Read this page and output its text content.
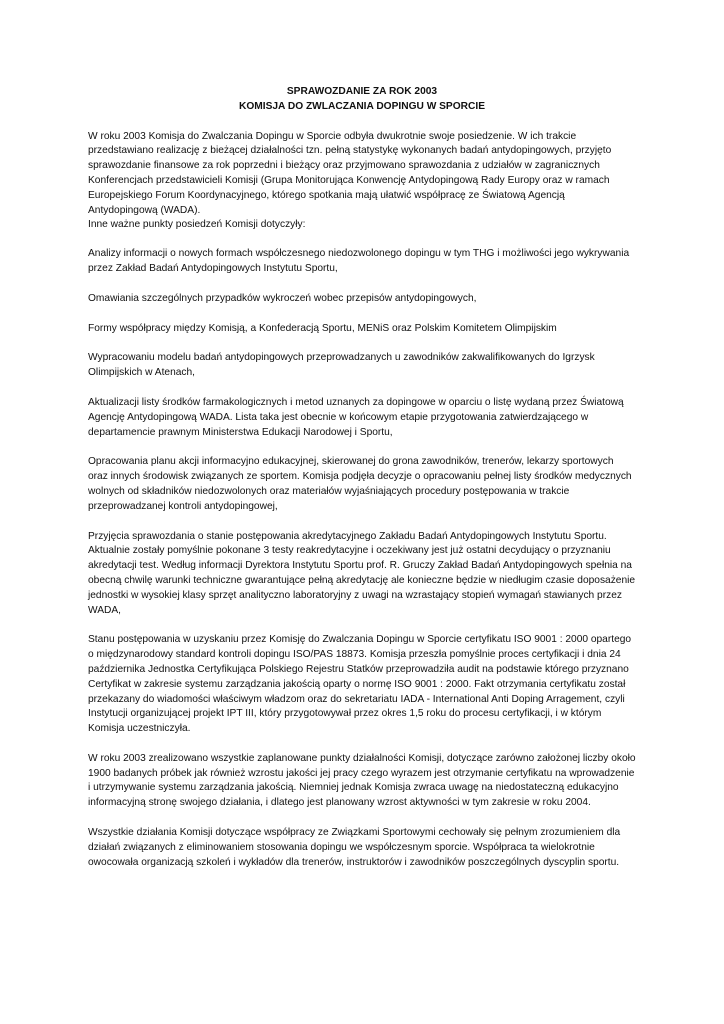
SPRAWOZDANIE ZA ROK 2003

KOMISJA DO ZWLACZANIA DOPINGU W SPORCIE

W roku 2003 Komisja do Zwalczania Dopingu w Sporcie odbyła dwukrotnie swoje posiedzenie. W ich trakcie przedstawiano realizację z bieżącej działalności tzn. pełną statystykę wykonanych badań antydopingowych, przyjęto sprawozdanie finansowe za rok poprzedni i bieżący oraz przyjmowano sprawozdania z udziałów w zagranicznych Konferencjach przedstawicieli Komisji (Grupa Monitorująca Konwencję Antydopingową Rady Europy oraz w ramach Europejskiego Forum Koordynacyjnego, którego spotkania mają ułatwić współpracę ze Światową Agencją Antydopingową (WADA).

Inne ważne punkty posiedzeń Komisji dotyczyły:

Analizy informacji o nowych formach współczesnego niedozwolonego dopingu w tym THG i możliwości jego wykrywania przez Zakład Badań Antydopingowych Instytutu Sportu,

Omawiania szczególnych przypadków wykroczeń wobec przepisów antydopingowych,

Formy współpracy między Komisją, a Konfederacją Sportu, MENiS oraz Polskim Komitetem Olimpijskim

Wypracowaniu modelu badań antydopingowych przeprowadzanych u zawodników zakwalifikowanych do Igrzysk Olimpijskich w Atenach,

Aktualizacji listy środków farmakologicznych i metod uznanych za dopingowe w oparciu o listę wydaną przez Światową Agencję Antydopingową WADA. Lista taka jest obecnie w końcowym etapie przygotowania zatwierdzającego w departamencie prawnym Ministerstwa Edukacji Narodowej i Sportu,

Opracowania planu akcji informacyjno edukacyjnej, skierowanej do grona zawodników, trenerów, lekarzy sportowych oraz innych środowisk związanych ze sportem. Komisja podjęła decyzje o opracowaniu pełnej listy środków medycznych wolnych od składników niedozwolonych oraz materiałów wyjaśniających procedury postępowania w trakcie przeprowadzanej kontroli antydopingowej,

Przyjęcia sprawozdania o stanie postępowania akredytacyjnego Zakładu Badań Antydopingowych Instytutu Sportu. Aktualnie zostały pomyślnie pokonane 3 testy reakredytacyjne i oczekiwany jest już ostatni decydujący o przyznaniu akredytacji test. Według informacji Dyrektora Instytutu Sportu prof. R. Gruczy Zakład Badań Antydopingowych spełnia na obecną chwilę warunki techniczne gwarantujące pełną akredytację ale konieczne będzie w niedługim czasie doposażenie jednostki w wysokiej klasy sprzęt analityczno laboratoryjny z uwagi na wzrastający stopień wymagań stawianych przez WADA,

Stanu postępowania w uzyskaniu przez Komisję do Zwalczania Dopingu w Sporcie certyfikatu ISO 9001 : 2000 opartego o międzynarodowy standard kontroli dopingu ISO/PAS 18873. Komisja przeszła pomyślnie proces certyfikacji i dnia 24 października Jednostka Certyfikująca Polskiego Rejestru Statków przeprowadziła audit na podstawie którego przyznano Certyfikat w zakresie systemu zarządzania jakością oparty o normę ISO 9001 : 2000. Fakt otrzymania certyfikatu został przekazany do wiadomości właściwym władzom oraz do sekretariatu IADA - International Anti Doping Arragement, czyli Instytucji organizującej projekt IPT III, który przygotowywał przez okres 1,5 roku do procesu certyfikacji, i w którym Komisja uczestniczyła.

W roku 2003 zrealizowano wszystkie zaplanowane punkty działalności Komisji, dotyczące zarówno założonej liczby około 1900 badanych próbek jak również wzrostu jakości jej pracy czego wyrazem jest otrzymanie certyfikatu na wprowadzenie i utrzymywanie systemu zarządzania jakością. Niemniej jednak Komisja zwraca uwagę na niedostateczną edukacyjno informacyjną stronę swojego działania, i dlatego jest planowany wzrost aktywności w tym zakresie w roku 2004.

Wszystkie działania Komisji dotyczące współpracy ze Związkami Sportowymi cechowały się pełnym zrozumieniem dla działań związanych z eliminowaniem stosowania dopingu we współczesnym sporcie. Współpraca ta wielokrotnie owocowała organizacją szkoleń i wykładów dla trenerów, instruktorów i zawodników poszczególnych dyscyplin sportu.
